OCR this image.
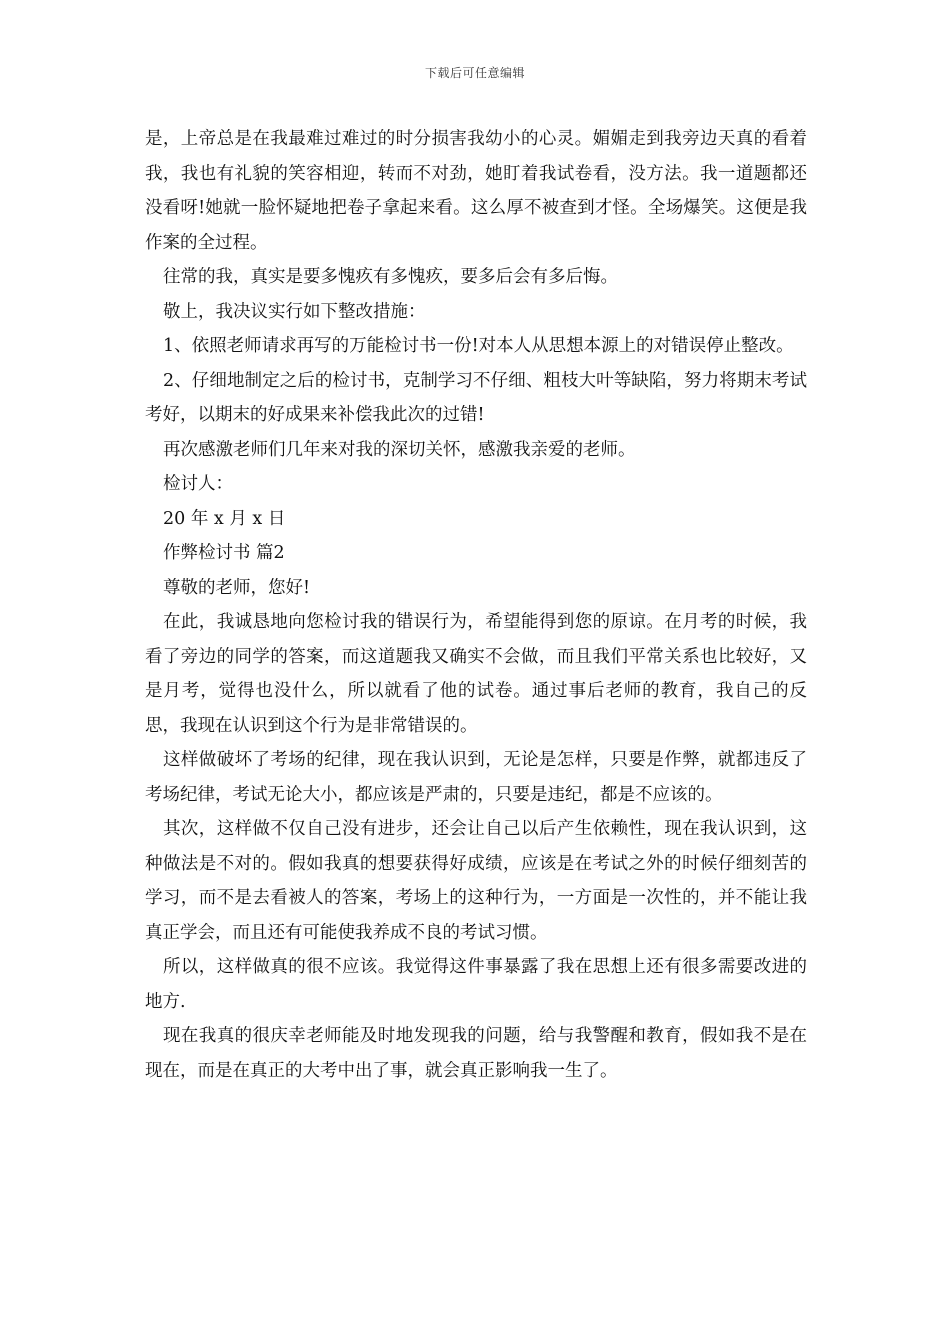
下载后可任意编辑

是，上帝总是在我最难过难过的时分损害我幼小的心灵。媚媚走到我旁边天真的看着我，我也有礼貌的笑容相迎，转而不对劲，她盯着我试卷看，没方法。我一道题都还没看呀!她就一脸怀疑地把卷子拿起来看。这么厚不被查到才怪。全场爆笑。这便是我作案的全过程。

往常的我，真实是要多愧疚有多愧疚，要多后会有多后悔。

敬上，我决议实行如下整改措施：

1、依照老师请求再写的万能检讨书一份!对本人从思想本源上的对错误停止整改。

2、仔细地制定之后的检讨书，克制学习不仔细、粗枝大叶等缺陷，努力将期末考试考好，以期末的好成果来补偿我此次的过错!

再次感激老师们几年来对我的深切关怀，感激我亲爱的老师。

检讨人：

20 年 x 月 x 日

作弊检讨书 篇2

尊敬的老师，您好!

在此，我诚恳地向您检讨我的错误行为，希望能得到您的原谅。在月考的时候，我看了旁边的同学的答案，而这道题我又确实不会做，而且我们平常关系也比较好，又是月考，觉得也没什么，所以就看了他的试卷。通过事后老师的教育，我自己的反思，我现在认识到这个行为是非常错误的。

这样做破坏了考场的纪律，现在我认识到，无论是怎样，只要是作弊，就都违反了考场纪律，考试无论大小，都应该是严肃的，只要是违纪，都是不应该的。

其次，这样做不仅自己没有进步，还会让自己以后产生依赖性，现在我认识到，这种做法是不对的。假如我真的想要获得好成绩，应该是在考试之外的时候仔细刻苦的学习，而不是去看被人的答案，考场上的这种行为，一方面是一次性的，并不能让我真正学会，而且还有可能使我养成不良的考试习惯。

所以，这样做真的很不应该。我觉得这件事暴露了我在思想上还有很多需要改进的地方.

现在我真的很庆幸老师能及时地发现我的问题，给与我警醒和教育，假如我不是在现在，而是在真正的大考中出了事，就会真正影响我一生了。
